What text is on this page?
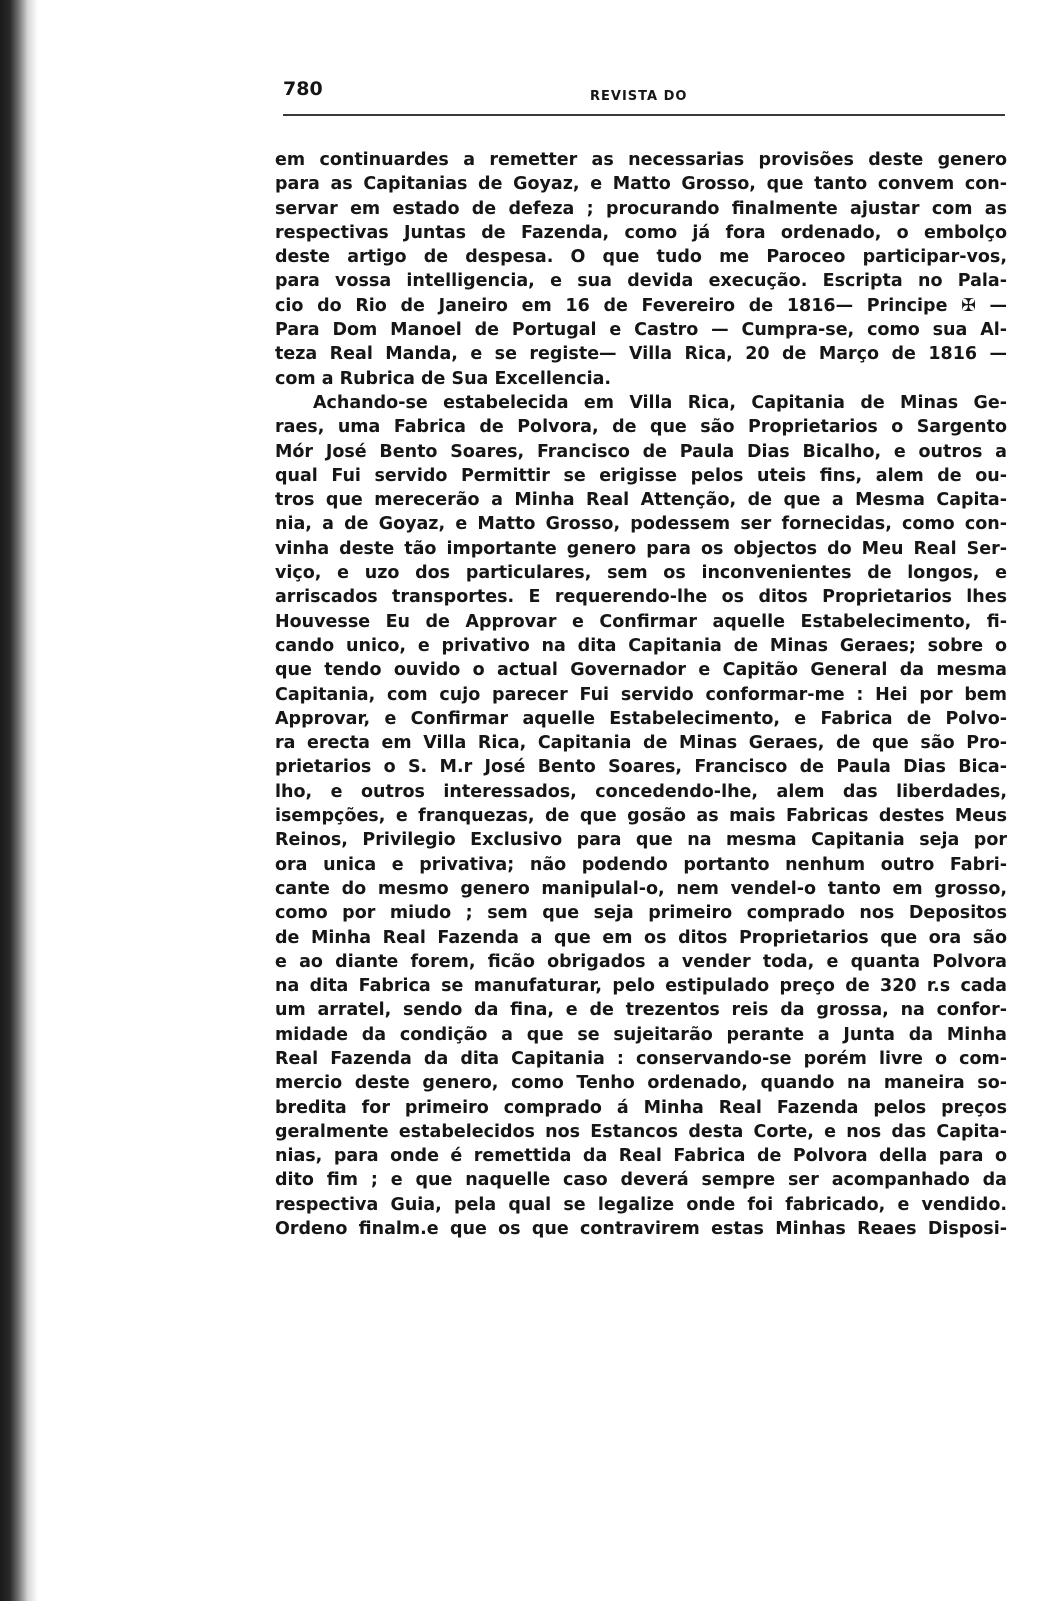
780	REVISTA DO
em continuardes a remetter as necessarias provisões deste genero
para as Capitanias de Goyaz, e Matto Grosso, que tanto convem con-
servar em estado de defeza ; procurando finalmente ajustar com as
respectivas Juntas de Fazenda, como já fora ordenado, o embolço
deste artigo de despesa. O que tudo me Paroceo participar-vos,
para vossa intelligencia, e sua devida execução. Escripta no Pala-
cio do Rio de Janeiro em 16 de Fevereiro de 1816— Principe ✠ —
Para Dom Manoel de Portugal e Castro — Cumpra-se, como sua Al-
teza Real Manda, e se registe— Villa Rica, 20 de Março de 1816 —
com a Rubrica de Sua Excellencia.
Achando-se estabelecida em Villa Rica, Capitania de Minas Ge-
raes, uma Fabrica de Polvora, de que são Proprietarios o Sargento
Mór José Bento Soares, Francisco de Paula Dias Bicalho, e outros a
qual Fui servido Permittir se erigisse pelos uteis fins, alem de ou-
tros que merecerão a Minha Real Attenção, de que a Mesma Capita-
nia, a de Goyaz, e Matto Grosso, podessem ser fornecidas, como con-
vinha deste tão importante genero para os objectos do Meu Real Ser-
viço, e uzo dos particulares, sem os inconvenientes de longos, e
arriscados transportes. E requerendo-lhe os ditos Proprietarios lhes
Houvesse Eu de Approvar e Confirmar aquelle Estabelecimento, fi-
cando unico, e privativo na dita Capitania de Minas Geraes; sobre o
que tendo ouvido o actual Governador e Capitão General da mesma
Capitania, com cujo parecer Fui servido conformar-me : Hei por bem
Approvar, e Confirmar aquelle Estabelecimento, e Fabrica de Polvo-
ra erecta em Villa Rica, Capitania de Minas Geraes, de que são Pro-
prietarios o S. M.r José Bento Soares, Francisco de Paula Dias Bica-
lho, e outros interessados, concedendo-lhe, alem das liberdades,
isempções, e franquezas, de que gosão as mais Fabricas destes Meus
Reinos, Privilegio Exclusivo para que na mesma Capitania seja por
ora unica e privativa; não podendo portanto nenhum outro Fabri-
cante do mesmo genero manipulal-o, nem vendel-o tanto em grosso,
como por miudo ; sem que seja primeiro comprado nos Depositos
de Minha Real Fazenda a que em os ditos Proprietarios que ora são
e ao diante forem, ficão obrigados a vender toda, e quanta Polvora
na dita Fabrica se manufaturar, pelo estipulado preço de 320 r.s cada
um arratel, sendo da fina, e de trezentos reis da grossa, na confor-
midade da condição a que se sujeitarão perante a Junta da Minha
Real Fazenda da dita Capitania : conservando-se porém livre o com-
mercio deste genero, como Tenho ordenado, quando na maneira so-
bredita for primeiro comprado á Minha Real Fazenda pelos preços
geralmente estabelecidos nos Estancos desta Corte, e nos das Capita-
nias, para onde é remettida da Real Fabrica de Polvora della para o
dito fim ; e que naquelle caso deverá sempre ser acompanhado da
respectiva Guia, pela qual se legalize onde foi fabricado, e vendido.
Ordeno finalm.e que os que contravirem estas Minhas Reaes Disposi-
